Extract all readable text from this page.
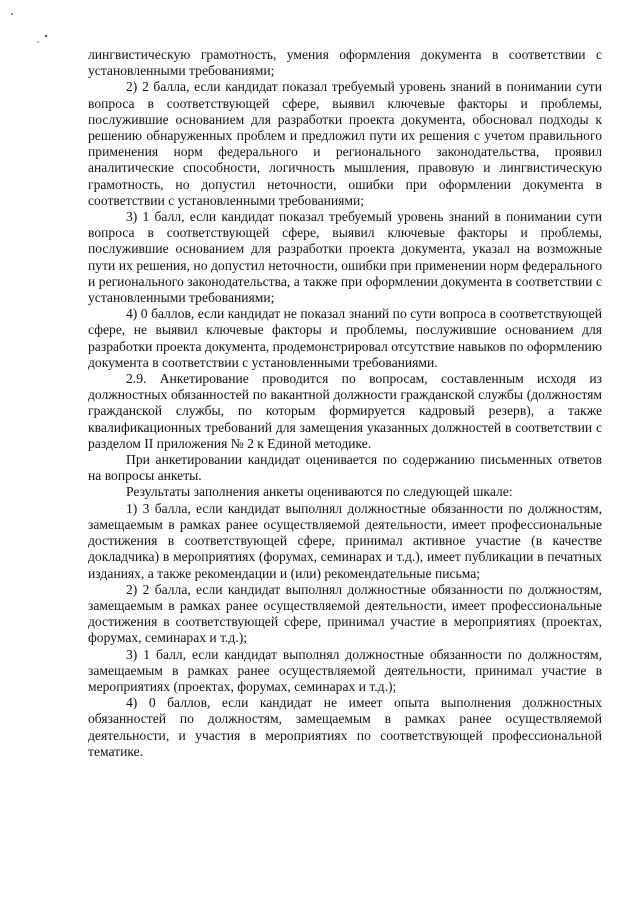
лингвистическую грамотность, умения оформления документа в соответствии с установленными требованиями;

2) 2 балла, если кандидат показал требуемый уровень знаний в понимании сути вопроса в соответствующей сфере, выявил ключевые факторы и проблемы, послужившие основанием для разработки проекта документа, обосновал подходы к решению обнаруженных проблем и предложил пути их решения с учетом правильного применения норм федерального и регионального законодательства, проявил аналитические способности, логичность мышления, правовую и лингвистическую грамотность, но допустил неточности, ошибки при оформлении документа в соответствии с установленными требованиями;

3) 1 балл, если кандидат показал требуемый уровень знаний в понимании сути вопроса в соответствующей сфере, выявил ключевые факторы и проблемы, послужившие основанием для разработки проекта документа, указал на возможные пути их решения, но допустил неточности, ошибки при применении норм федерального и регионального законодательства, а также при оформлении документа в соответствии с установленными требованиями;

4) 0 баллов, если кандидат не показал знаний по сути вопроса в соответствующей сфере, не выявил ключевые факторы и проблемы, послужившие основанием для разработки проекта документа, продемонстрировал отсутствие навыков по оформлению документа в соответствии с установленными требованиями.

2.9. Анкетирование проводится по вопросам, составленным исходя из должностных обязанностей по вакантной должности гражданской службы (должностям гражданской службы, по которым формируется кадровый резерв), а также квалификационных требований для замещения указанных должностей в соответствии с разделом II приложения № 2 к Единой методике.

При анкетировании кандидат оценивается по содержанию письменных ответов на вопросы анкеты.

Результаты заполнения анкеты оцениваются по следующей шкале:

1) 3 балла, если кандидат выполнял должностные обязанности по должностям, замещаемым в рамках ранее осуществляемой деятельности, имеет профессиональные достижения в соответствующей сфере, принимал активное участие (в качестве докладчика) в мероприятиях (форумах, семинарах и т.д.), имеет публикации в печатных изданиях, а также рекомендации и (или) рекомендательные письма;

2) 2 балла, если кандидат выполнял должностные обязанности по должностям, замещаемым в рамках ранее осуществляемой деятельности, имеет профессиональные достижения в соответствующей сфере, принимал участие в мероприятиях (проектах, форумах, семинарах и т.д.);

3) 1 балл, если кандидат выполнял должностные обязанности по должностям, замещаемым в рамках ранее осуществляемой деятельности, принимал участие в мероприятиях (проектах, форумах, семинарах и т.д.);

4) 0 баллов, если кандидат не имеет опыта выполнения должностных обязанностей по должностям, замещаемым в рамках ранее осуществляемой деятельности, и участия в мероприятиях по соответствующей профессиональной тематике.
